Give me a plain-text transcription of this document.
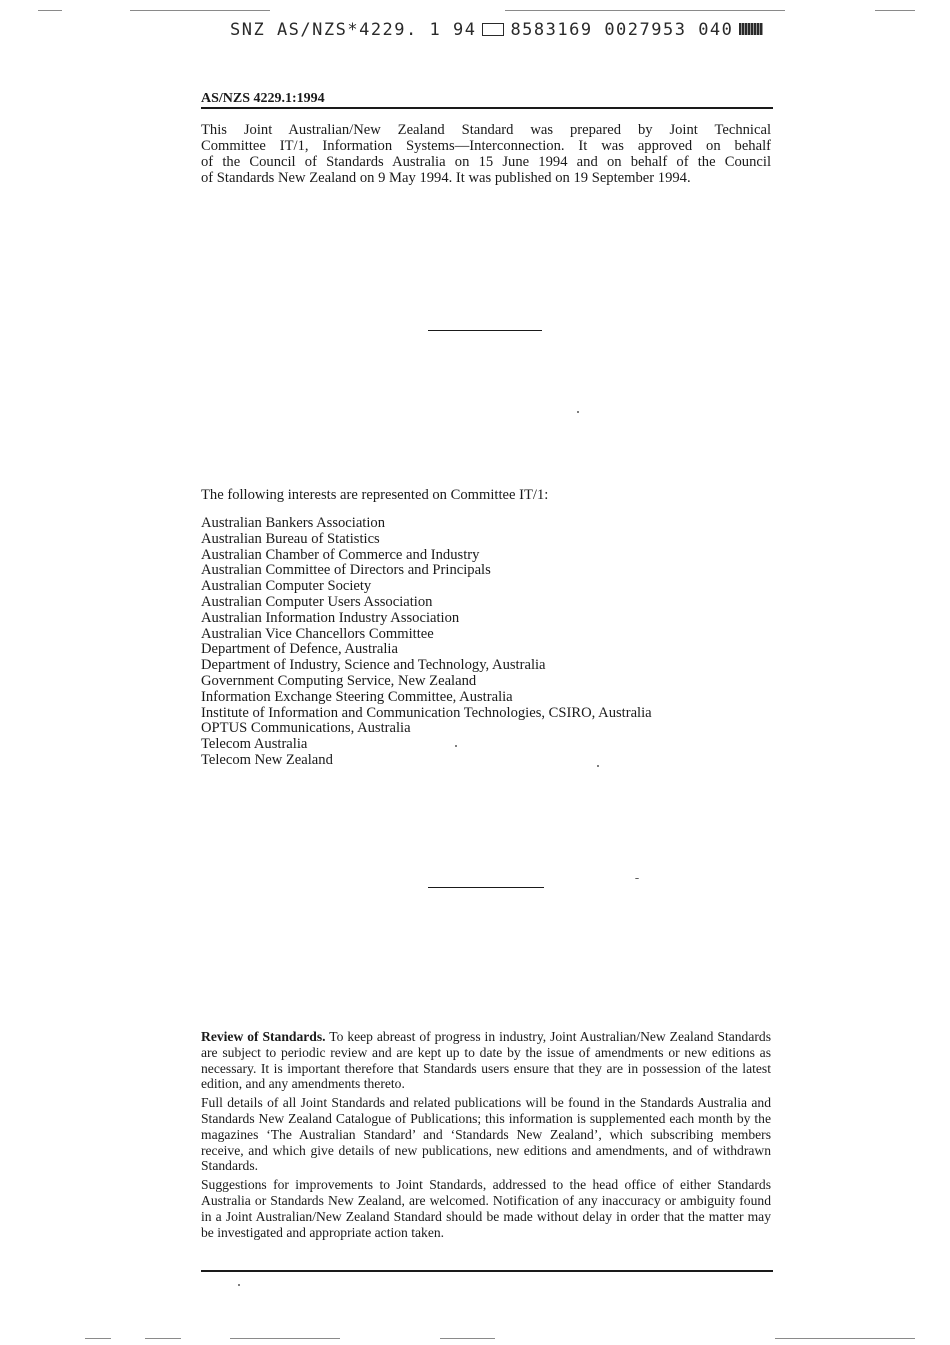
SNZ AS/NZS*4229. 1 94 8583169 0027953 040
AS/NZS 4229.1:1994
This Joint Australian/New Zealand Standard was prepared by Joint Technical
Committee IT/1, Information Systems—Interconnection. It was approved on behalf
of the Council of Standards Australia on 15 June 1994 and on behalf of the Council
of Standards New Zealand on 9 May 1994. It was published on 19 September 1994.
The following interests are represented on Committee IT/1:
Australian Bankers Association
Australian Bureau of Statistics
Australian Chamber of Commerce and Industry
Australian Committee of Directors and Principals
Australian Computer Society
Australian Computer Users Association
Australian Information Industry Association
Australian Vice Chancellors Committee
Department of Defence, Australia
Department of Industry, Science and Technology, Australia
Government Computing Service, New Zealand
Information Exchange Steering Committee, Australia
Institute of Information and Communication Technologies, CSIRO, Australia
OPTUS Communications, Australia
Telecom Australia
Telecom New Zealand

Review of Standards. To keep abreast of progress in industry, Joint Australian/New Zealand Standards are subject to periodic review and are kept up to date by the issue of amendments or new editions as necessary. It is important therefore that Standards users ensure that they are in possession of the latest edition, and any amendments thereto.

Full details of all Joint Standards and related publications will be found in the Standards Australia and Standards New Zealand Catalogue of Publications; this information is supplemented each month by the magazines ‘The Australian Standard’ and ‘Standards New Zealand’, which subscribing members receive, and which give details of new publications, new editions and amendments, and of withdrawn Standards.

Suggestions for improvements to Joint Standards, addressed to the head office of either Standards Australia or Standards New Zealand, are welcomed. Notification of any inaccuracy or ambiguity found in a Joint Australian/New Zealand Standard should be made without delay in order that the matter may be investigated and appropriate action taken.
